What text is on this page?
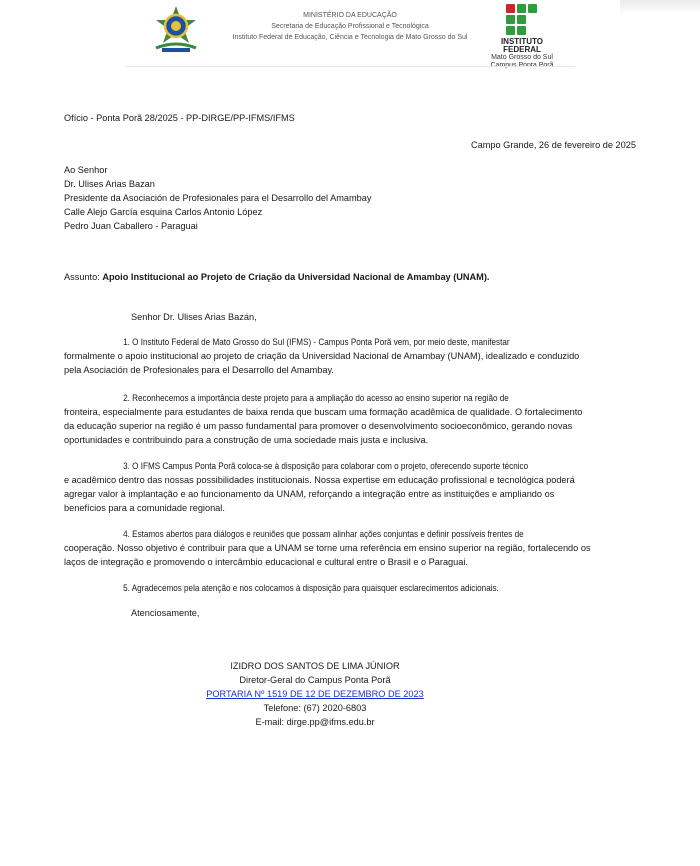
MINISTÉRIO DA EDUCAÇÃO
Secretaria de Educação Profissional e Tecnológica
Instituto Federal de Educação, Ciência e Tecnologia de Mato Grosso do Sul	INSTITUTO FEDERAL
Mato Grosso do Sul
Ofício - Ponta Porã 28/2025 - PP-DIRGE/PP-IFMS/IFMS
Campo Grande, 26 de fevereiro de 2025
Ao Senhor
Dr. Ulises Arias Bazan
Presidente da Asociación de Profesionales para el Desarrollo del Amambay
Calle Alejo García esquina Carlos Antonio López
Pedro Juan Caballero - Paraguai
Assunto: Apoio Institucional ao Projeto de Criação da Universidad Nacional de Amambay (UNAM).
Senhor Dr. Ulises Arias Bazán,
1. O Instituto Federal de Mato Grosso do Sul (IFMS) - Campus Ponta Porã vem, por meio deste, manifestar
formalmente o apoio institucional ao projeto de criação da Universidad Nacional de Amambay (UNAM), idealizado e conduzido
pela Asociación de Profesionales para el Desarrollo del Amambay.
2. Reconhecemos a importância deste projeto para a ampliação do acesso ao ensino superior na região de
fronteira, especialmente para estudantes de baixa renda que buscam uma formação acadêmica de qualidade. O fortalecimento
da educação superior na região é um passo fundamental para promover o desenvolvimento socioeconômico, gerando novas
oportunidades e contribuindo para a construção de uma sociedade mais justa e inclusiva.
3. O IFMS Campus Ponta Porã coloca-se à disposição para colaborar com o projeto, oferecendo suporte técnico
e acadêmico dentro das nossas possibilidades institucionais. Nossa expertise em educação profissional e tecnológica poderá
agregar valor à implantação e ao funcionamento da UNAM, reforçando a integração entre as instituições e ampliando os
benefícios para a comunidade regional.
4. Estamos abertos para diálogos e reuniões que possam alinhar ações conjuntas e definir possíveis frentes de
cooperação. Nosso objetivo é contribuir para que a UNAM se torne uma referência em ensino superior na região, fortalecendo os
laços de integração e promovendo o intercâmbio educacional e cultural entre o Brasil e o Paraguai.
5. Agradecemos pela atenção e nos colocamos à disposição para quaisquer esclarecimentos adicionais.
Atenciosamente,
IZIDRO DOS SANTOS DE LIMA JÚNIOR
Diretor-Geral do Campus Ponta Porã
PORTARIA Nº 1519 DE 12 DE DEZEMBRO DE 2023
Telefone: (67) 2020-6803
E-mail: dirge.pp@ifms.edu.br
